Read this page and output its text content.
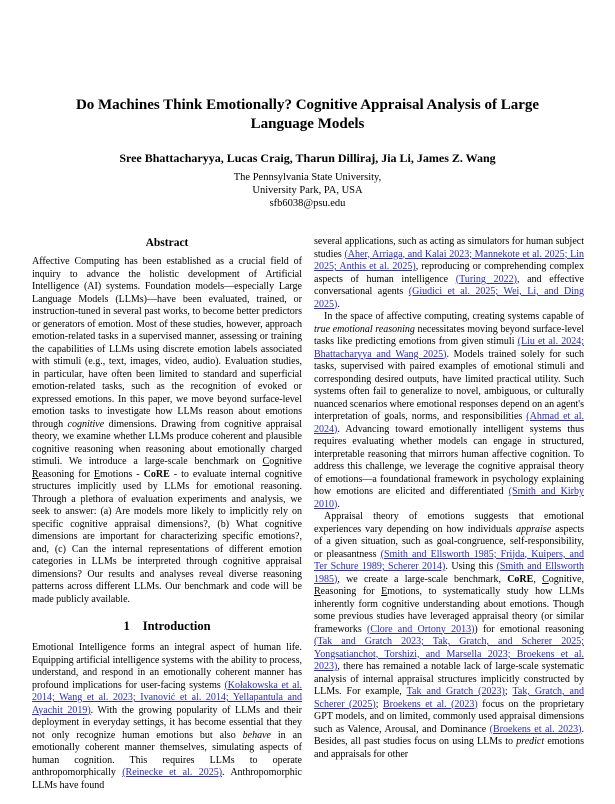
Do Machines Think Emotionally? Cognitive Appraisal Analysis of Large Language Models
Sree Bhattacharyya, Lucas Craig, Tharun Dilliraj, Jia Li, James Z. Wang
The Pennsylvania State University,
University Park, PA, USA
sfb6038@psu.edu
Abstract

Affective Computing has been established as a crucial field of inquiry to advance the holistic development of Artificial Intelligence (AI) systems. Foundation models—especially Large Language Models (LLMs)—have been evaluated, trained, or instruction-tuned in several past works, to become better predictors or generators of emotion. Most of these studies, however, approach emotion-related tasks in a supervised manner, assessing or training the capabilities of LLMs using discrete emotion labels associated with stimuli (e.g., text, images, video, audio). Evaluation studies, in particular, have often been limited to standard and superficial emotion-related tasks, such as the recognition of evoked or expressed emotions. In this paper, we move beyond surface-level emotion tasks to investigate how LLMs reason about emotions through cognitive dimensions. Drawing from cognitive appraisal theory, we examine whether LLMs produce coherent and plausible cognitive reasoning when reasoning about emotionally charged stimuli. We introduce a large-scale benchmark on Cognitive Reasoning for Emotions - CoRE - to evaluate internal cognitive structures implicitly used by LLMs for emotional reasoning. Through a plethora of evaluation experiments and analysis, we seek to answer: (a) Are models more likely to implicitly rely on specific cognitive appraisal dimensions?, (b) What cognitive dimensions are important for characterizing specific emotions?, and, (c) Can the internal representations of different emotion categories in LLMs be interpreted through cognitive appraisal dimensions? Our results and analyses reveal diverse reasoning patterns across different LLMs. Our benchmark and code will be made publicly available.

1 Introduction

Emotional Intelligence forms an integral aspect of human life. Equipping artificial intelligence systems with the ability to process, understand, and respond in an emotionally coherent manner has profound implications for user-facing systems (Kołakowska et al. 2014; Wang et al. 2023; Ivanović et al. 2014; Yellapantula and Ayachit 2019). With the growing popularity of LLMs and their deployment in everyday settings, it has become essential that they not only recognize human emotions but also behave in an emotionally coherent manner themselves, simulating aspects of human cognition. This requires LLMs to operate anthropomorphically (Reinecke et al. 2025). Anthropomorphic LLMs have found

several applications, such as acting as simulators for human subject studies (Aher, Arriaga, and Kalai 2023; Mannekote et al. 2025; Lin 2025; Anthis et al. 2025), reproducing or comprehending complex aspects of human intelligence (Turing 2022), and effective conversational agents (Giudici et al. 2025; Wei, Li, and Ding 2025).

In the space of affective computing, creating systems capable of true emotional reasoning necessitates moving beyond surface-level tasks like predicting emotions from given stimuli (Liu et al. 2024; Bhattacharyya and Wang 2025). Models trained solely for such tasks, supervised with paired examples of emotional stimuli and corresponding desired outputs, have limited practical utility. Such systems often fail to generalize to novel, ambiguous, or culturally nuanced scenarios where emotional responses depend on an agent's interpretation of goals, norms, and responsibilities (Ahmad et al. 2024). Advancing toward emotionally intelligent systems thus requires evaluating whether models can engage in structured, interpretable reasoning that mirrors human affective cognition. To address this challenge, we leverage the cognitive appraisal theory of emotions—a foundational framework in psychology explaining how emotions are elicited and differentiated (Smith and Kirby 2010).

Appraisal theory of emotions suggests that emotional experiences vary depending on how individuals appraise aspects of a given situation, such as goal-congruence, self-responsibility, or pleasantness (Smith and Ellsworth 1985; Frijda, Kuipers, and Ter Schure 1989; Scherer 2014). Using this (Smith and Ellsworth 1985), we create a large-scale benchmark, CoRE, Cognitive, Reasoning for Emotions, to systematically study how LLMs inherently form cognitive understanding about emotions. Though some previous studies have leveraged appraisal theory (or similar frameworks (Clore and Ortony 2013)) for emotional reasoning (Tak and Gratch 2023; Tak, Gratch, and Scherer 2025; Yongsatianchot, Torshizi, and Marsella 2023; Broekens et al. 2023), there has remained a notable lack of large-scale systematic analysis of internal appraisal structures implicitly constructed by LLMs. For example, Tak and Gratch (2023); Tak, Gratch, and Scherer (2025); Broekens et al. (2023) focus on the proprietary GPT models, and on limited, commonly used appraisal dimensions such as Valence, Arousal, and Dominance (Broekens et al. 2023). Besides, all past studies focus on using LLMs to predict emotions and appraisals for other
